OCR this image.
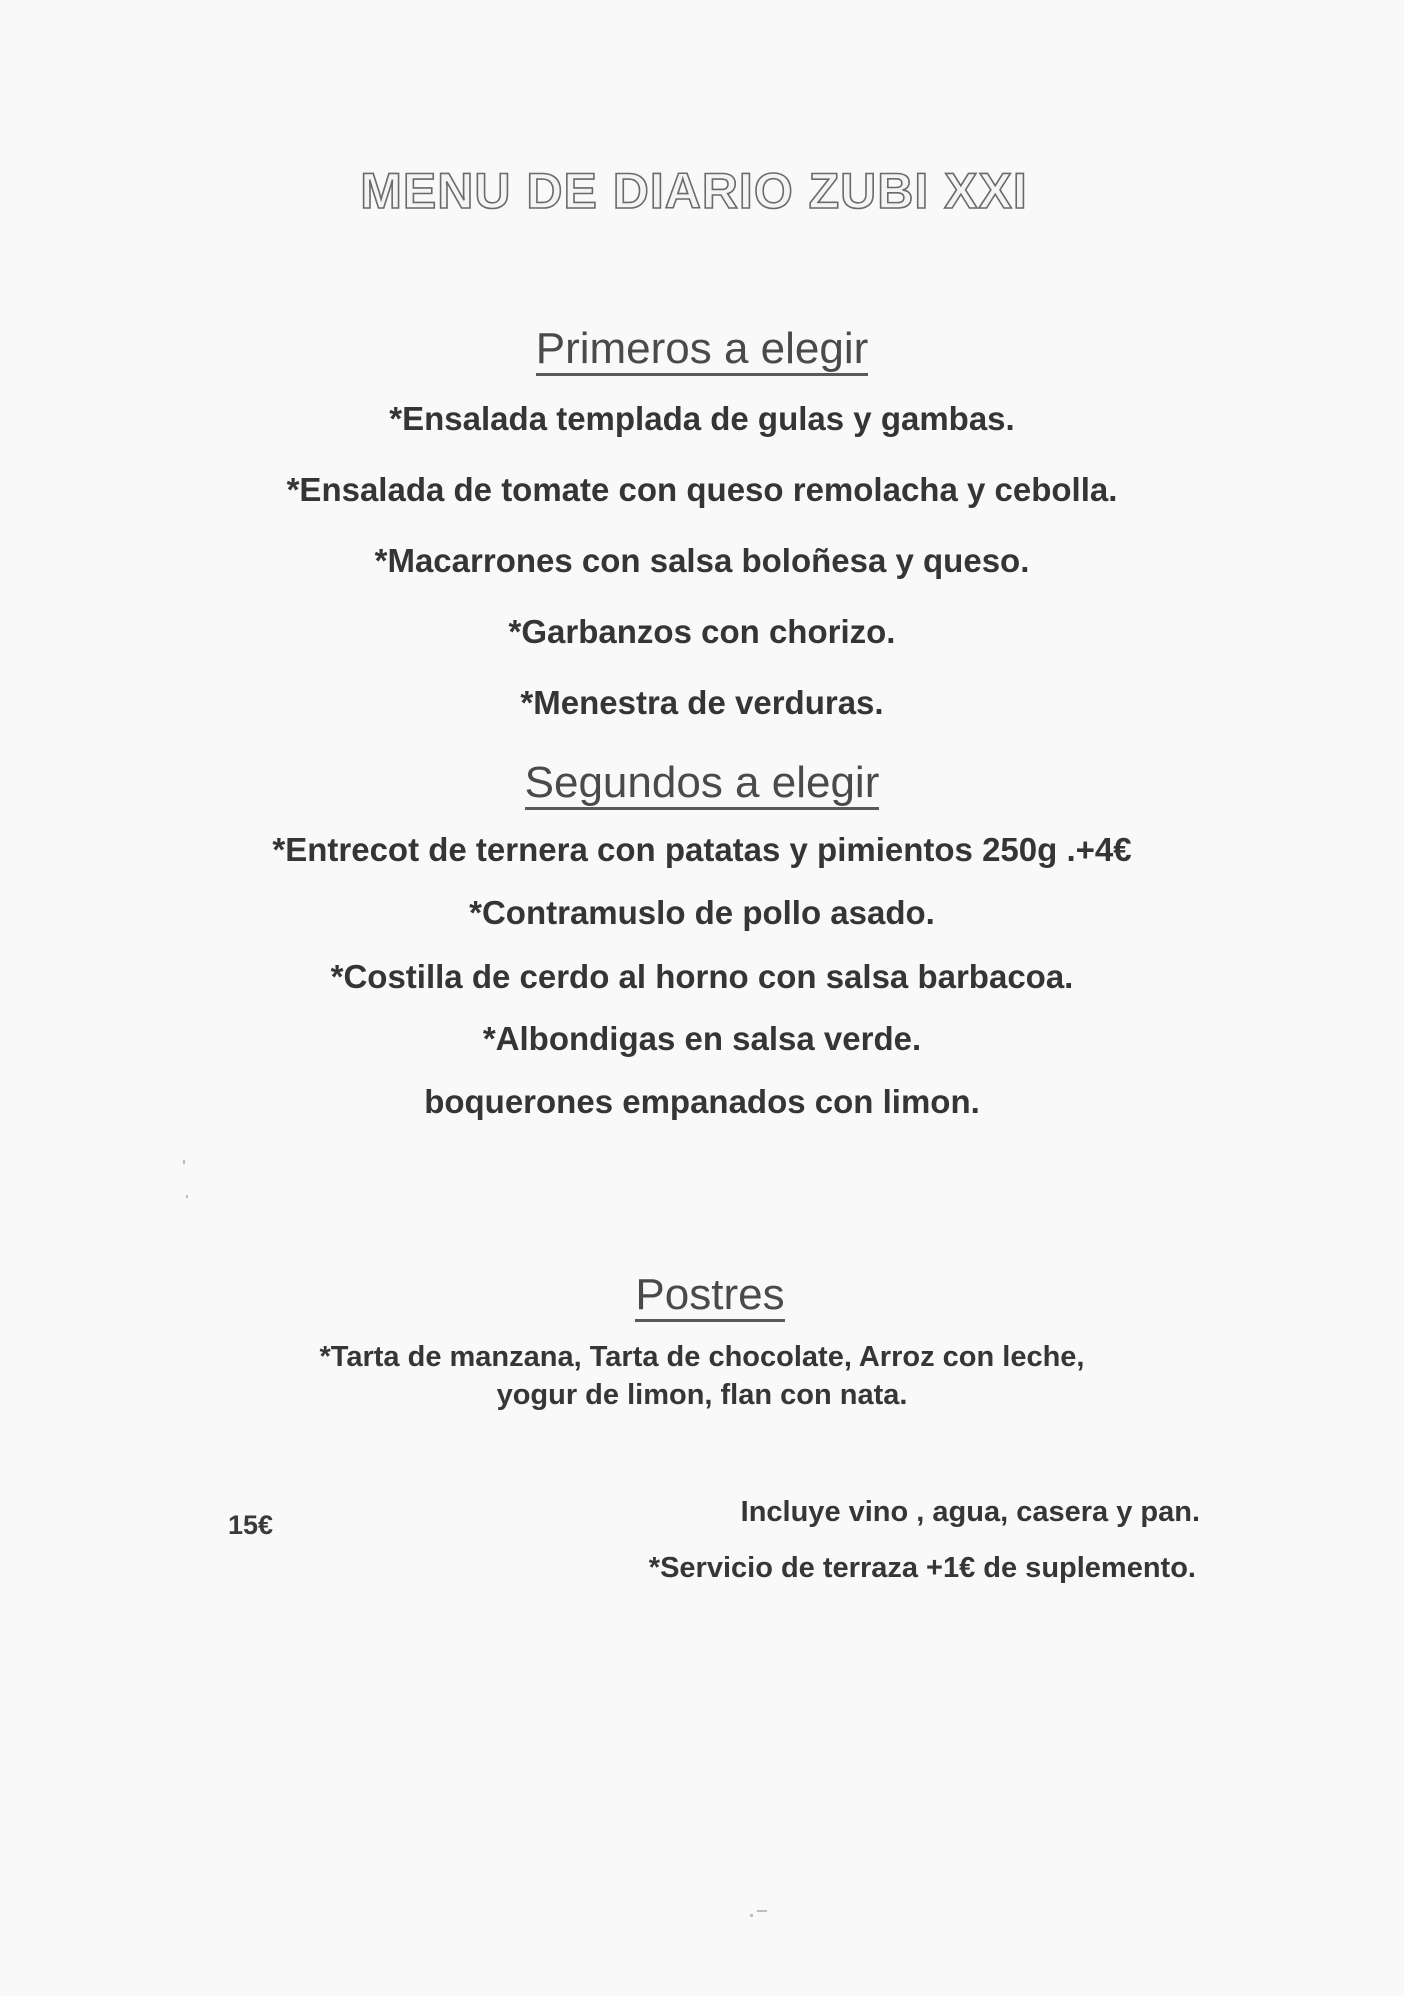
MENU DE DIARIO ZUBI XXI
Primeros a elegir
*Ensalada templada de gulas y gambas.
*Ensalada de tomate con queso remolacha y cebolla.
*Macarrones con salsa boloñesa y queso.
*Garbanzos con chorizo.
*Menestra de verduras.
Segundos a elegir
*Entrecot de ternera con patatas y pimientos 250g .+4€
*Contramuslo de pollo asado.
*Costilla de cerdo al horno con salsa barbacoa.
*Albondigas en salsa verde.
boquerones empanados con limon.
Postres
*Tarta de manzana, Tarta de chocolate, Arroz con leche,
yogur de limon, flan con nata.
15€	Incluye vino , agua, casera y pan.
*Servicio de terraza +1€ de suplemento.
